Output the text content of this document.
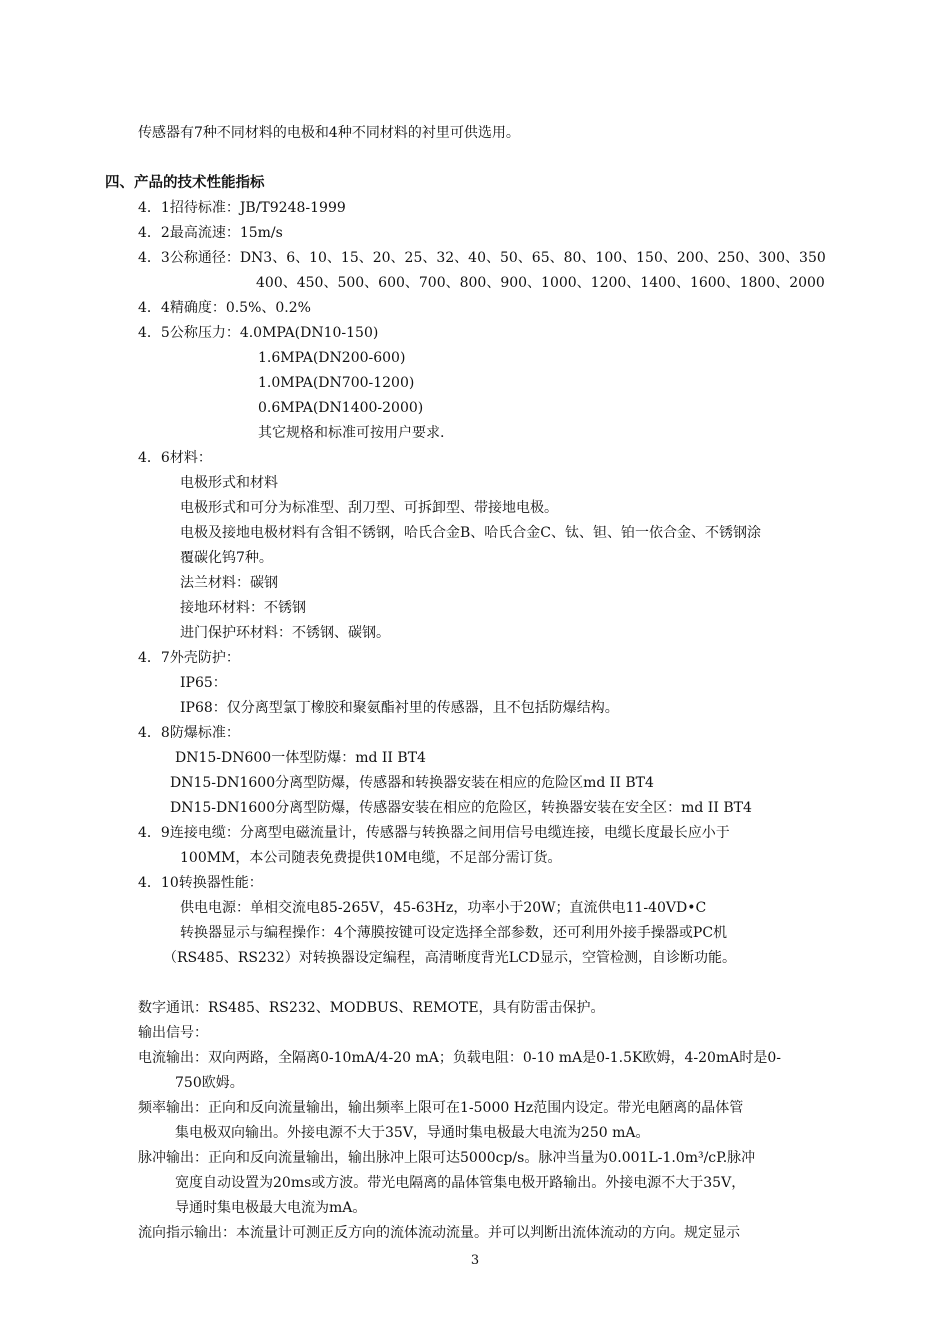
传感器有7种不同材料的电极和4种不同材料的衬里可供选用。
四、产品的技术性能指标
4．1招待标准：JB/T9248-1999
4．2最高流速：15m/s
4．3公称通径：DN3、6、10、15、20、25、32、40、50、65、80、100、150、200、250、300、350
400、450、500、600、700、800、900、1000、1200、1400、1600、1800、2000
4．4精确度：0.5%、0.2%
4．5公称压力：4.0MPA(DN10-150)
1.6MPA(DN200-600)
1.0MPA(DN700-1200)
0.6MPA(DN1400-2000)
其它规格和标准可按用户要求.
4．6材料：
电极形式和材料
电极形式和可分为标准型、刮刀型、可拆卸型、带接地电极。
电极及接地电极材料有含钼不锈钢，哈氏合金B、哈氏合金C、钛、钽、铂一依合金、不锈钢涂
覆碳化钨7种。
法兰材料：碳钢
接地环材料：不锈钢
进门保护环材料：不锈钢、碳钢。
4．7外壳防护：
IP65：
IP68：仅分离型氯丁橡胶和聚氨酯衬里的传感器，且不包括防爆结构。
4．8防爆标准：
DN15-DN600一体型防爆：md II BT4
DN15-DN1600分离型防爆，传感器和转换器安装在相应的危险区md II BT4
DN15-DN1600分离型防爆，传感器安装在相应的危险区，转换器安装在安全区：md II BT4
4．9连接电缆：分离型电磁流量计，传感器与转换器之间用信号电缆连接，电缆长度最长应小于
100MM，本公司随表免费提供10M电缆，不足部分需订货。
4．10转换器性能：
供电电源：单相交流电85-265V，45-63Hz，功率小于20W；直流供电11-40VD•C
转换器显示与编程操作：4个薄膜按键可设定选择全部参数，还可利用外接手操器或PC机
（RS485、RS232）对转换器设定编程，高清晰度背光LCD显示，空管检测，自诊断功能。
数字通讯：RS485、RS232、MODBUS、REMOTE，具有防雷击保护。
输出信号：
电流输出：双向两路，全隔离0-10mA/4-20 mA；负载电阻：0-10 mA是0-1.5K欧姆，4-20mA时是0-
750欧姆。
频率输出：正向和反向流量输出，输出频率上限可在1-5000 Hz范围内设定。带光电陋离的晶体管
集电极双向输出。外接电源不大于35V，导通时集电极最大电流为250 mA。
脉冲输出：正向和反向流量输出，输出脉冲上限可达5000cp/s。脉冲当量为0.001L-1.0m³/cP.脉冲
宽度自动设置为20ms或方波。带光电隔离的晶体管集电极开路输出。外接电源不大于35V，
导通时集电极最大电流为mA。
流向指示输出：本流量计可测正反方向的流体流动流量。并可以判断出流体流动的方向。规定显示
3
